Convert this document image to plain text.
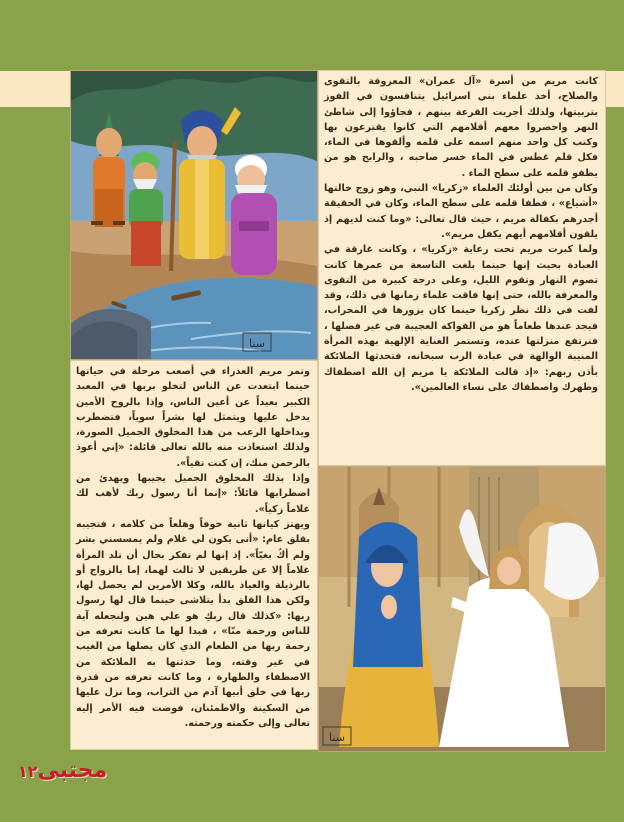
ﺳﻨﺎ

كانت مريم من أسرة «آل عمران» المعروفة بالتقوى والصلاح، أخذ علماء بني اسرائيل يتنافسون في الفوز بتربيتها، ولذلك أجريت القرعة بينهم ، فجاؤوا إلى شاطئ النهر واحضروا معهم أقلامهم التي كانوا يقترعون بها وكتب كل واحد منهم اسمه على قلمه وألقوها في الماء، فكل قلم غطس في الماء خسر صاحبه ، والرابح هو من يطفو قلمه على سطح الماء .

وكان من بين أولئك العلماء «زكريا» النبي، وهو زوج خالتها «أشياع» ، فطفا قلمه على سطح الماء، وكان في الحقيقة أجدرهم بكفالة مريم ، حيث قال تعالى: «وما كنت لديهم إذ يلقون أقلامهم أيهم يكفل مريم».

ولما كبرت مريم تحت رعاية «زكريا» ، وكانت غارقة في العبادة بحيث إنها حينما بلغت التاسعة من عمرها كانت تصوم النهار وتقوم الليل، وعلى درجة كبيرة من التقوى والمعرفة بالله، حتى إنها فاقت علماء زمانها في ذلك، وقد لفت في ذلك نظر زكريا حينما كان يزورها في المحراب، فيجد عندها طعاماً هو من الفواكه العجيبة في غير فصلها ، فترتفع منزلتها عنده، وتستمر العناية الإلهية بهذه المرأة المنيبة الوالهة في عبادة الرب سبحانه، فتحدثها الملائكة بأذن ربهم: «إذ قالت الملائكة يا مريم إن الله اصطفاك وطهرك واصطفاك على نساء العالمين».

وتمر مريم العذراء في أصعب مرحلة في حياتها حينما ابتعدت عن الناس لتخلو بربها في المعبد الكبير بعيداً عن أعين الناس، وإذا بالروح الأمين يدخل عليها ويتمثل لها بشراً سوياً، فتضطرب ويداخلها الرعب من هذا المخلوق الجميل الصورة، ولذلك استعاذت منه بالله تعالى قائلة: «إني أعوذ بالرحمن منك، إن كنت تقياً».

وإذا بذلك المخلوق الجميل يجيبها ويهدئ من اضطرابها قائلاً: «إنما أنا رسول ربك لأهب لك غلاماً زكياً».

ويهتز كيانها ثانية خوفاً وهلعاً من كلامه ، فتجيبه بقلق عام: «أنى يكون لي غلام ولم يمسسني بشر ولم أكُ بغيّاً». إذ إنها لم تفكر بحال أن تلد المرأة غلاماً إلا عن طريقين لا ثالث لهما، إما بالزواج أو بالرذيلة والعياذ بالله، وكلا الأمرين لم يحصل لها، ولكن هذا القلق بدأ يتلاشى حينما قال لها رسول ربها: «كذلك قال ربكِ هو علي هين ولنجعله آية للناس ورحمة منّا» ، فبدا لها ما كانت تعرفه من رحمة ربها من الطعام الذي كان يصلها من الغيب في غير وقته، وما حدثنها به الملائكة من الاصطفاء والطهارة ، وما كانت تعرفه من قدرة ربها في خلق أبيها آدم من التراب، وما نزل عليها من السكينة والاطمئنان، فوضت فيه الأمر إليه تعالى وإلى حكمته ورحمته.

ﺳﻨﺎ
مجتبى١٢
